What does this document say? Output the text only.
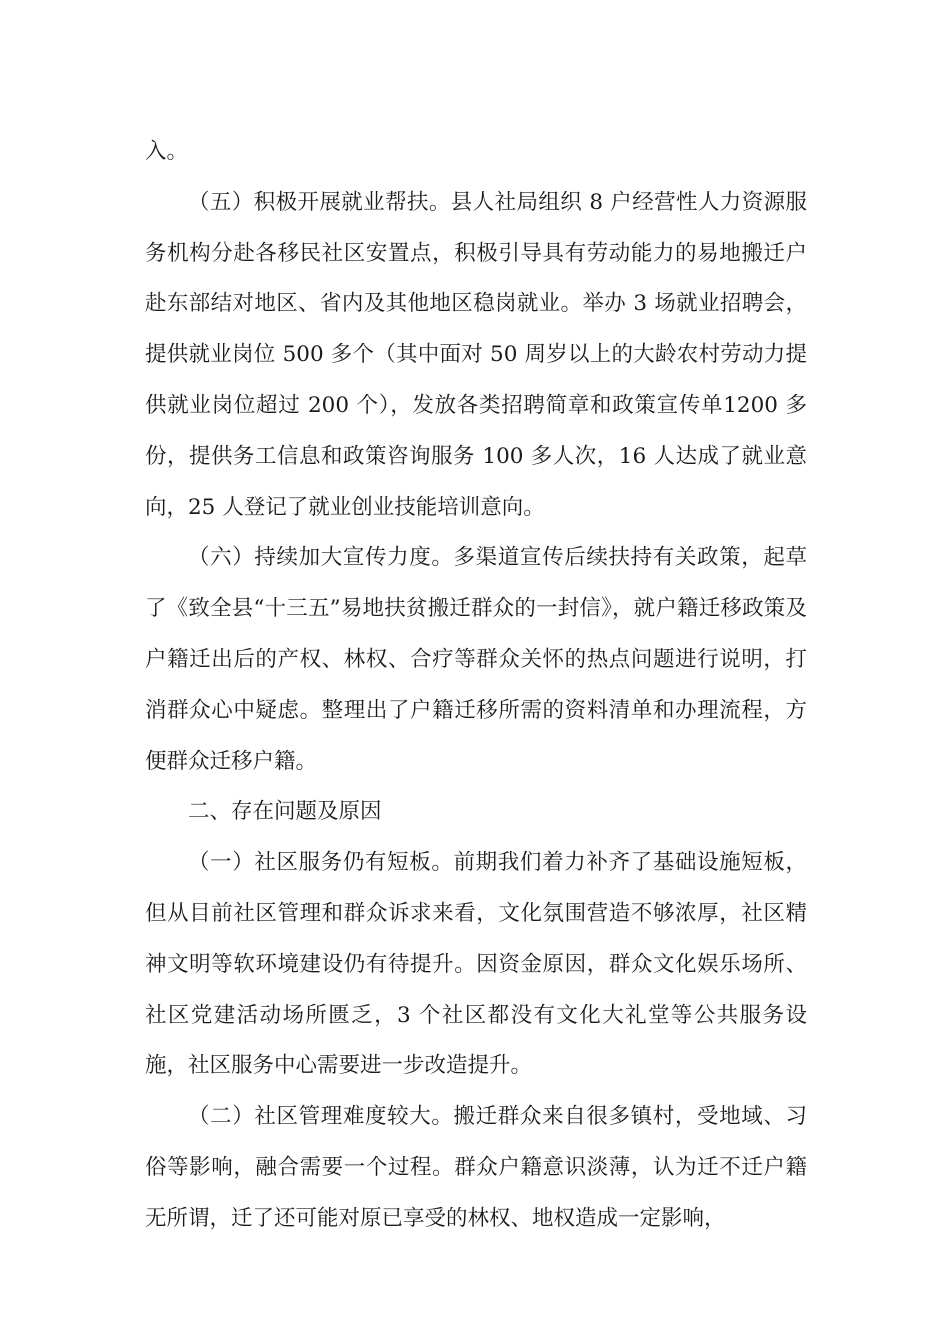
入。

（五）积极开展就业帮扶。县人社局组织 8 户经营性人力资源服务机构分赴各移民社区安置点，积极引导具有劳动能力的易地搬迁户赴东部结对地区、省内及其他地区稳岗就业。举办 3 场就业招聘会，提供就业岗位 500 多个（其中面对 50 周岁以上的大龄农村劳动力提供就业岗位超过 200 个），发放各类招聘简章和政策宣传单1200 多份，提供务工信息和政策咨询服务 100 多人次，16 人达成了就业意向，25 人登记了就业创业技能培训意向。

（六）持续加大宣传力度。多渠道宣传后续扶持有关政策，起草了《致全县“十三五”易地扶贫搬迁群众的一封信》，就户籍迁移政策及户籍迁出后的产权、林权、合疗等群众关怀的热点问题进行说明，打消群众心中疑虑。整理出了户籍迁移所需的资料清单和办理流程，方便群众迁移户籍。

二、存在问题及原因

（一）社区服务仍有短板。前期我们着力补齐了基础设施短板，但从目前社区管理和群众诉求来看，文化氛围营造不够浓厚，社区精神文明等软环境建设仍有待提升。因资金原因，群众文化娱乐场所、社区党建活动场所匮乏，3 个社区都没有文化大礼堂等公共服务设施，社区服务中心需要进一步改造提升。

（二）社区管理难度较大。搬迁群众来自很多镇村，受地域、习俗等影响，融合需要一个过程。群众户籍意识淡薄，认为迁不迁户籍无所谓，迁了还可能对原已享受的林权、地权造成一定影响，
